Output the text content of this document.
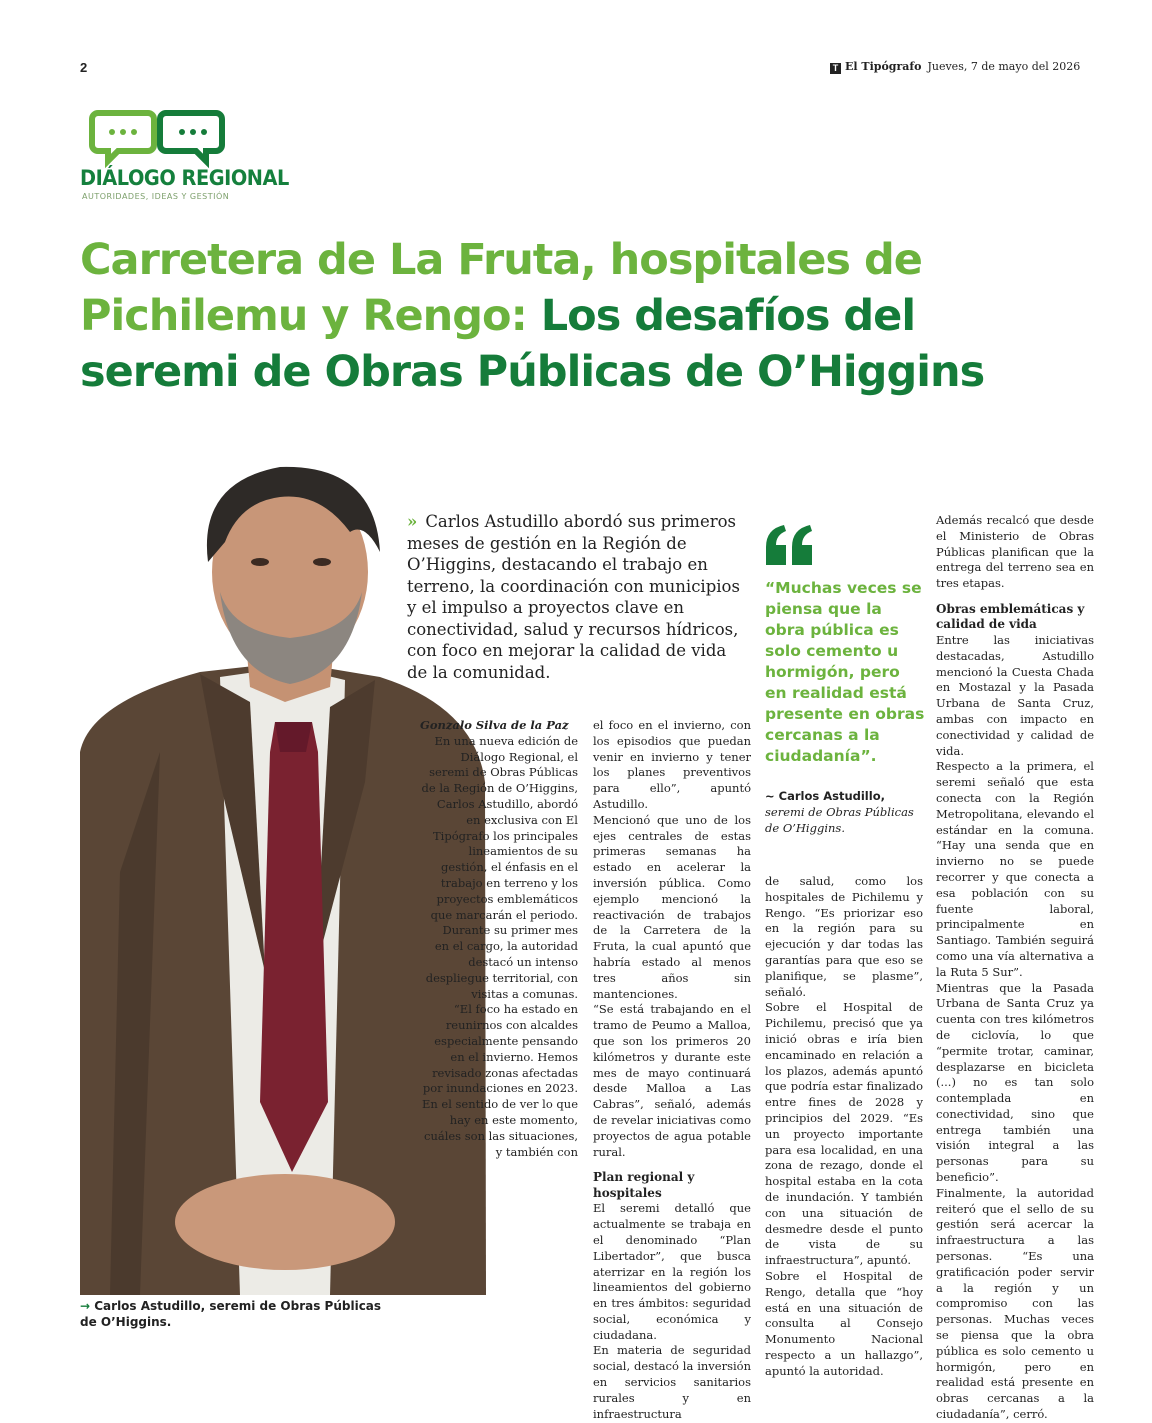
2	T El Tipógrafo Jueves, 7 de mayo del 2026
DIÁLOGO REGIONAL
AUTORIDADES, IDEAS Y GESTIÓN
Carretera de La Fruta, hospitales de Pichilemu y Rengo: Los desafíos del seremi de Obras Públicas de O’Higgins
→ Carlos Astudillo, seremi de Obras Públicas de O’Higgins.
» Carlos Astudillo abordó sus primeros meses de gestión en la Región de O’Higgins, destacando el trabajo en terreno, la coordinación con municipios y el impulso a proyectos clave en conectividad, salud y recursos hídricos, con foco en mejorar la calidad de vida de la comunidad.
“Muchas veces se piensa que la obra pública es solo cemento u hormigón, pero en realidad está presente en obras cercanas a la ciudadanía”.
~ Carlos Astudillo,
seremi de Obras Públicas de O’Higgins.
Gonzalo Silva de la Paz

En una nueva edición de Diálogo Regional, el seremi de Obras Públicas de la Región de O’Higgins, Carlos Astudillo, abordó en exclusiva con El Tipógrafo los principales lineamientos de su gestión, el énfasis en el trabajo en terreno y los proyectos emblemáticos que marcarán el periodo.

Durante su primer mes en el cargo, la autoridad destacó un intenso despliegue territorial, con visitas a comunas.

“El foco ha estado en reunirnos con alcaldes especialmente pensando en el invierno. Hemos revisado zonas afectadas por inundaciones en 2023. En el sentido de ver lo que hay en este momento, cuáles son las situaciones, y también con

el foco en el invierno, con los episodios que puedan venir en invierno y tener los planes preventivos para ello”, apuntó Astudillo.

Mencionó que uno de los ejes centrales de estas primeras semanas ha estado en acelerar la inversión pública. Como ejemplo mencionó la reactivación de trabajos de la Carretera de la Fruta, la cual apuntó que habría estado al menos tres años sin mantenciones.

“Se está trabajando en el tramo de Peumo a Malloa, que son los primeros 20 kilómetros y durante este mes de mayo continuará desde Malloa a Las Cabras”, señaló, además de revelar iniciativas como proyectos de agua potable rural.

Plan regional y hospitales

El seremi detalló que actualmente se trabaja en el denominado “Plan Libertador”, que busca aterrizar en la región los lineamientos del gobierno en tres ámbitos: seguridad social, económica y ciudadana.

En materia de seguridad social, destacó la inversión en servicios sanitarios rurales y en infraestructura

de salud, como los hospitales de Pichilemu y Rengo. “Es priorizar eso en la región para su ejecución y dar todas las garantías para que eso se planifique, se plasme”, señaló.

Sobre el Hospital de Pichilemu, precisó que ya inició obras e iría bien encaminado en relación a los plazos, además apuntó que podría estar finalizado entre fines de 2028 y principios del 2029. “Es un proyecto importante para esa localidad, en una zona de rezago, donde el hospital estaba en la cota de inundación. Y también con una situación de desmedre desde el punto de vista de su infraestructura”, apuntó.

Sobre el Hospital de Rengo, detalla que “hoy está en una situación de consulta al Consejo Monumento Nacional respecto a un hallazgo”, apuntó la autoridad.

Además recalcó que desde el Ministerio de Obras Públicas planifican que la entrega del terreno sea en tres etapas.

Obras emblemáticas y calidad de vida

Entre las iniciativas destacadas, Astudillo mencionó la Cuesta Chada en Mostazal y la Pasada Urbana de Santa Cruz, ambas con impacto en conectividad y calidad de vida.

Respecto a la primera, el seremi señaló que esta conecta con la Región Metropolitana, elevando el estándar en la comuna. “Hay una senda que en invierno no se puede recorrer y que conecta a esa población con su fuente laboral, principalmente en Santiago. También seguirá como una vía alternativa a la Ruta 5 Sur”.

Mientras que la Pasada Urbana de Santa Cruz ya cuenta con tres kilómetros de ciclovía, lo que “permite trotar, caminar, desplazarse en bicicleta (...) no es tan solo contemplada en conectividad, sino que entrega también una visión integral a las personas para su beneficio”.

Finalmente, la autoridad reiteró que el sello de su gestión será acercar la infraestructura a las personas. “Es una gratificación poder servir a la región y un compromiso con las personas. Muchas veces se piensa que la obra pública es solo cemento u hormigón, pero en realidad está presente en obras cercanas a la ciudadanía”, cerró.
